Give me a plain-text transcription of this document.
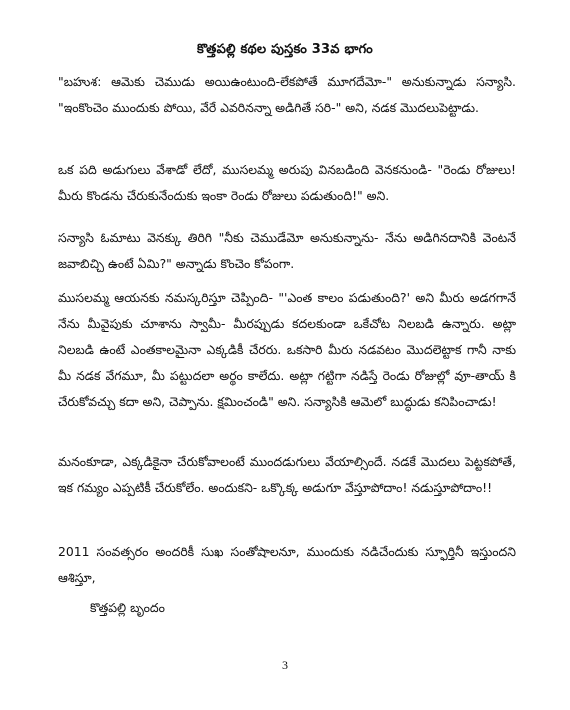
కొత్తపల్లి కథల పుస్తకం 33వ భాగం

"బహుశ: ఆమెకు చెముడు అయిఉంటుంది-లేకపోతే మూగదేమో-" అనుకున్నాడు సన్యాసి. "ఇంకొంచెం ముందుకు పోయి, వేరే ఎవరినన్నా అడిగితే సరి-" అని, నడక మొదలుపెట్టాడు.

ఒక పది అడుగులు వేశాడో లేదో, ముసలమ్మ అరుపు వినబడింది వెనకనుండి- "రెండు రోజులు! మీరు కొండను చేరుకునేందుకు ఇంకా రెండు రోజులు పడుతుంది!" అని.

సన్యాసి ఓమాటు వెనక్కు తిరిగి "నీకు చెముడేమో అనుకున్నాను- నేను అడిగినదానికి వెంటనే జవాబిచ్చి ఉంటే ఏమి?" అన్నాడు కొంచెం కోపంగా.

ముసలమ్మ ఆయనకు నమస్కరిస్తూ చెప్పింది- "'ఎంత కాలం పడుతుంది?' అని మీరు అడగగానే నేను మీవైపుకు చూశాను స్వామీ- మీరప్పుడు కదలకుండా ఒకేచోట నిలబడి ఉన్నారు. అట్లా నిలబడి ఉంటే ఎంతకాలమైనా ఎక్కడికీ చేరరు. ఒకసారి మీరు నడవటం మొదలెట్టాక గానీ నాకు మీ నడక వేగమూ, మీ పట్టుదలా అర్థం కాలేదు. అట్లా గట్టిగా నడిస్తే రెండు రోజుల్లో వూ-తాయ్ కి చేరుకోవచ్చు కదా అని, చెప్పాను. క్షమించండి" అని. సన్యాసికి ఆమెలో బుద్ధుడు కనిపించాడు!

మనంకూడా, ఎక్కడికైనా చేరుకోవాలంటే ముందడుగులు వేయాల్సిందే. నడకే మొదలు పెట్టకపోతే, ఇక గమ్యం ఎప్పటికీ చేరుకోలేం. అందుకని- ఒక్కొక్క అడుగూ వేస్తూపోదాం! నడుస్తూపోదాం!!

2011 సంవత్సరం అందరికీ సుఖ సంతోషాలనూ, ముందుకు నడిచేందుకు స్ఫూర్తినీ ఇస్తుందని ఆశిస్తూ,

కొత్తపల్లి బృందం
3
